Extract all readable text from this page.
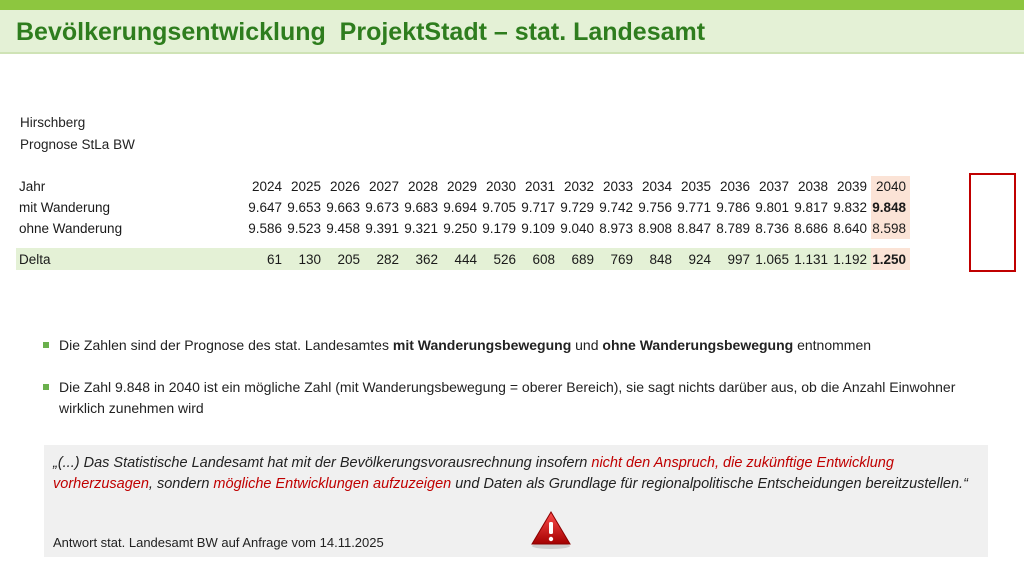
Bevölkerungsentwicklung  ProjektStadt – stat. Landesamt
Hirschberg
Prognose StLa BW
Jahr	2024	2025	2026	2027	2028	2029	2030	2031	2032	2033	2034	2035	2036	2037	2038	2039	2040
mit Wanderung	9.647	9.653	9.663	9.673	9.683	9.694	9.705	9.717	9.729	9.742	9.756	9.771	9.786	9.801	9.817	9.832	9.848
ohne Wanderung	9.586	9.523	9.458	9.391	9.321	9.250	9.179	9.109	9.040	8.973	8.908	8.847	8.789	8.736	8.686	8.640	8.598

Delta	61	130	205	282	362	444	526	608	689	769	848	924	997	1.065	1.131	1.192	1.250
Die Zahlen sind der Prognose des stat. Landesamtes mit Wanderungsbewegung und ohne Wanderungsbewegung entnommen
Die Zahl 9.848 in 2040 ist ein mögliche Zahl (mit Wanderungsbewegung = oberer Bereich), sie sagt nichts darüber aus, ob die Anzahl Einwohner wirklich zunehmen wird
„(...) Das Statistische Landesamt hat mit der Bevölkerungsvorausrechnung insofern nicht den Anspruch, die zukünftige Entwicklung vorherzusagen, sondern mögliche Entwicklungen aufzuzeigen und Daten als Grundlage für regionalpolitische Entscheidungen bereitzustellen.“
Antwort stat. Landesamt BW auf Anfrage vom 14.11.2025
